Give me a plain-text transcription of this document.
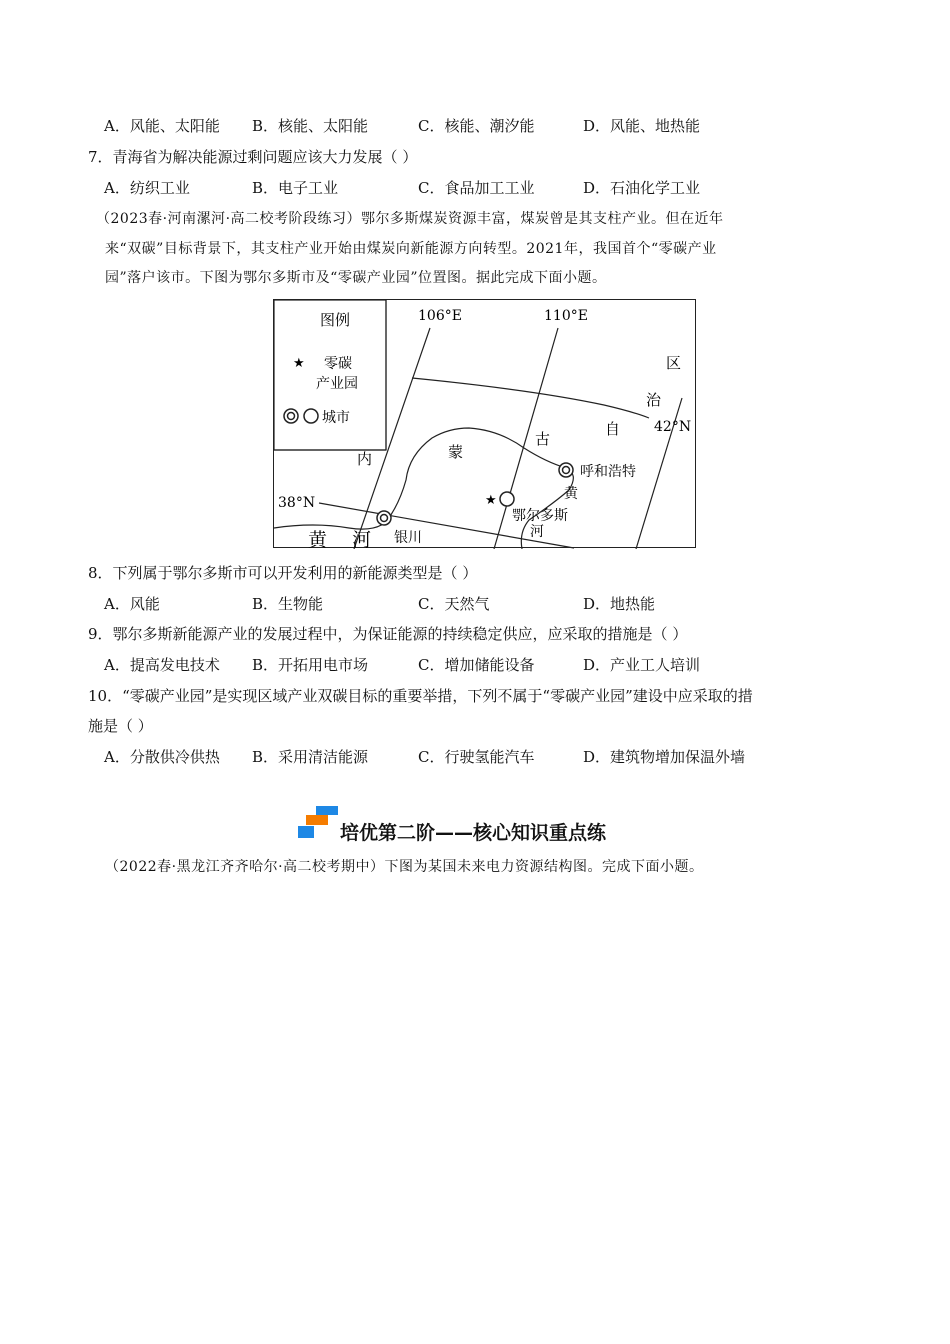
A．风能、太阳能 B．核能、太阳能	C．核能、潮汐能	D．风能、地热能
7．青海省为解决能源过剩问题应该大力发展（ ）
A．纺织工业	B．电子工业	C．食品加工工业	D．石油化学工业
（2023春·河南漯河·高二校考阶段练习）鄂尔多斯煤炭资源丰富，煤炭曾是其支柱产业。但在近年
来“双碳”目标背景下，其支柱产业开始由煤炭向新能源方向转型。2021年，我国首个“零碳产业
园”落户该市。下图为鄂尔多斯市及“零碳产业园”位置图。据此完成下面小题。
图例
★ 零碳
产业园
城市
106°E	110°E
42°N
38°N
内	蒙
古
自
治
区
呼和浩特
黄
★
鄂尔多斯
河
银川
黄 河
8．下列属于鄂尔多斯市可以开发利用的新能源类型是（ ）
A．风能	B．生物能	C．天然气	D．地热能
9．鄂尔多斯新能源产业的发展过程中，为保证能源的持续稳定供应，应采取的措施是（ ）
A．提高发电技术 B．开拓用电市场	C．增加储能设备	D．产业工人培训
10．“零碳产业园”是实现区域产业双碳目标的重要举措，下列不属于“零碳产业园”建设中应采取的措
施是（ ）
A．分散供冷供热 B．采用清洁能源	C．行驶氢能汽车	D．建筑物增加保温外墙
培优第二阶——核心知识重点练
（2022春·黑龙江齐齐哈尔·高二校考期中）下图为某国未来电力资源结构图。完成下面小题。
